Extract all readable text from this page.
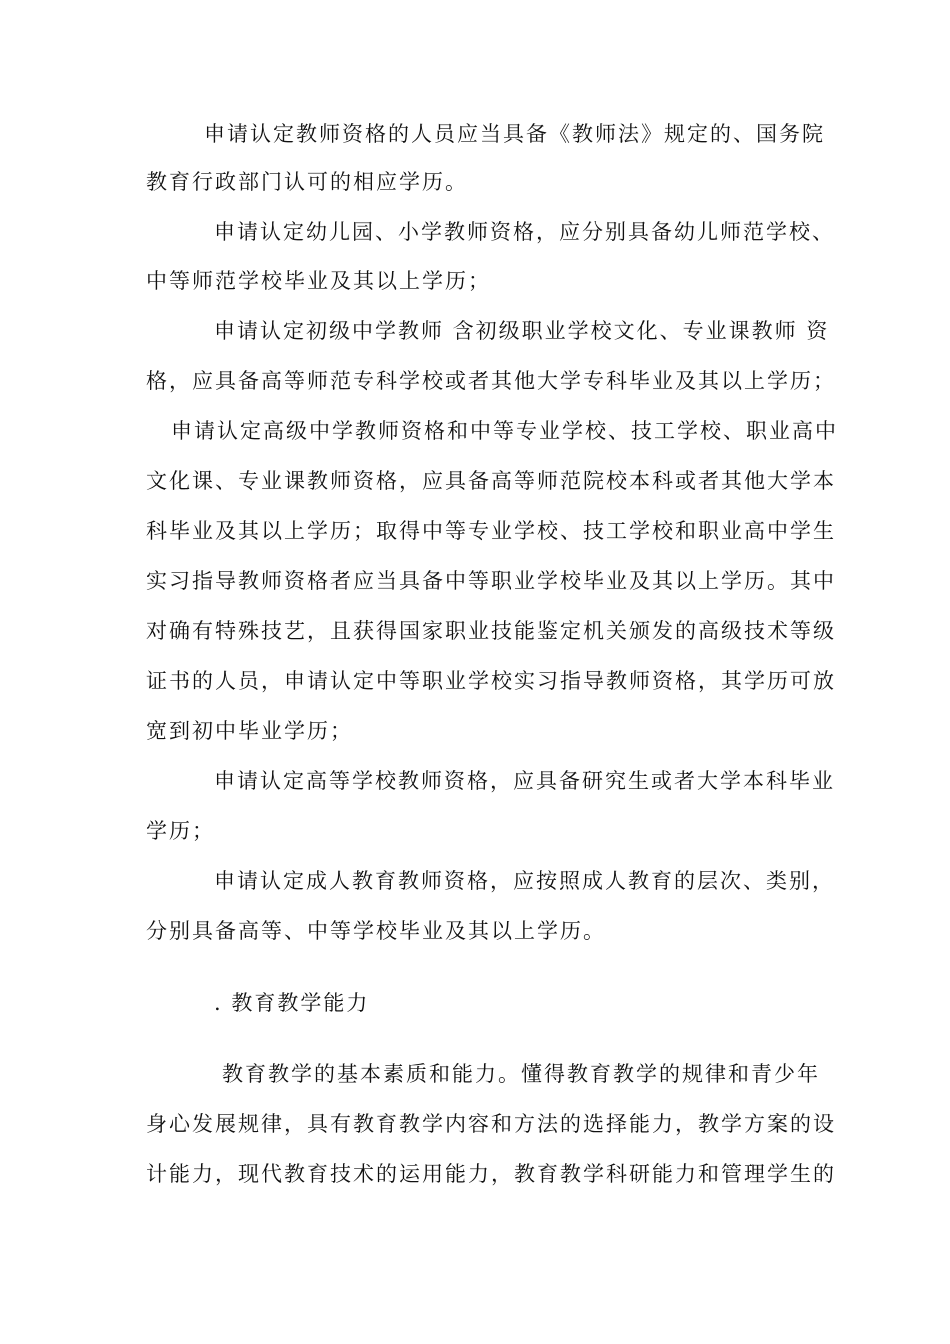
申请认定教师资格的人员应当具备《教师法》规定的、国务院
教育行政部门认可的相应学历。
申请认定幼儿园、小学教师资格，应分别具备幼儿师范学校、
中等师范学校毕业及其以上学历；
申请认定初级中学教师 含初级职业学校文化、专业课教师 资
格，应具备高等师范专科学校或者其他大学专科毕业及其以上学历；
申请认定高级中学教师资格和中等专业学校、技工学校、职业高中
文化课、专业课教师资格，应具备高等师范院校本科或者其他大学本
科毕业及其以上学历；取得中等专业学校、技工学校和职业高中学生
实习指导教师资格者应当具备中等职业学校毕业及其以上学历。其中
对确有特殊技艺，且获得国家职业技能鉴定机关颁发的高级技术等级
证书的人员，申请认定中等职业学校实习指导教师资格，其学历可放
宽到初中毕业学历；
申请认定高等学校教师资格，应具备研究生或者大学本科毕业
学历；
申请认定成人教育教师资格，应按照成人教育的层次、类别，
分别具备高等、中等学校毕业及其以上学历。
. 教育教学能力
教育教学的基本素质和能力。懂得教育教学的规律和青少年
身心发展规律，具有教育教学内容和方法的选择能力，教学方案的设
计能力，现代教育技术的运用能力，教育教学科研能力和管理学生的
